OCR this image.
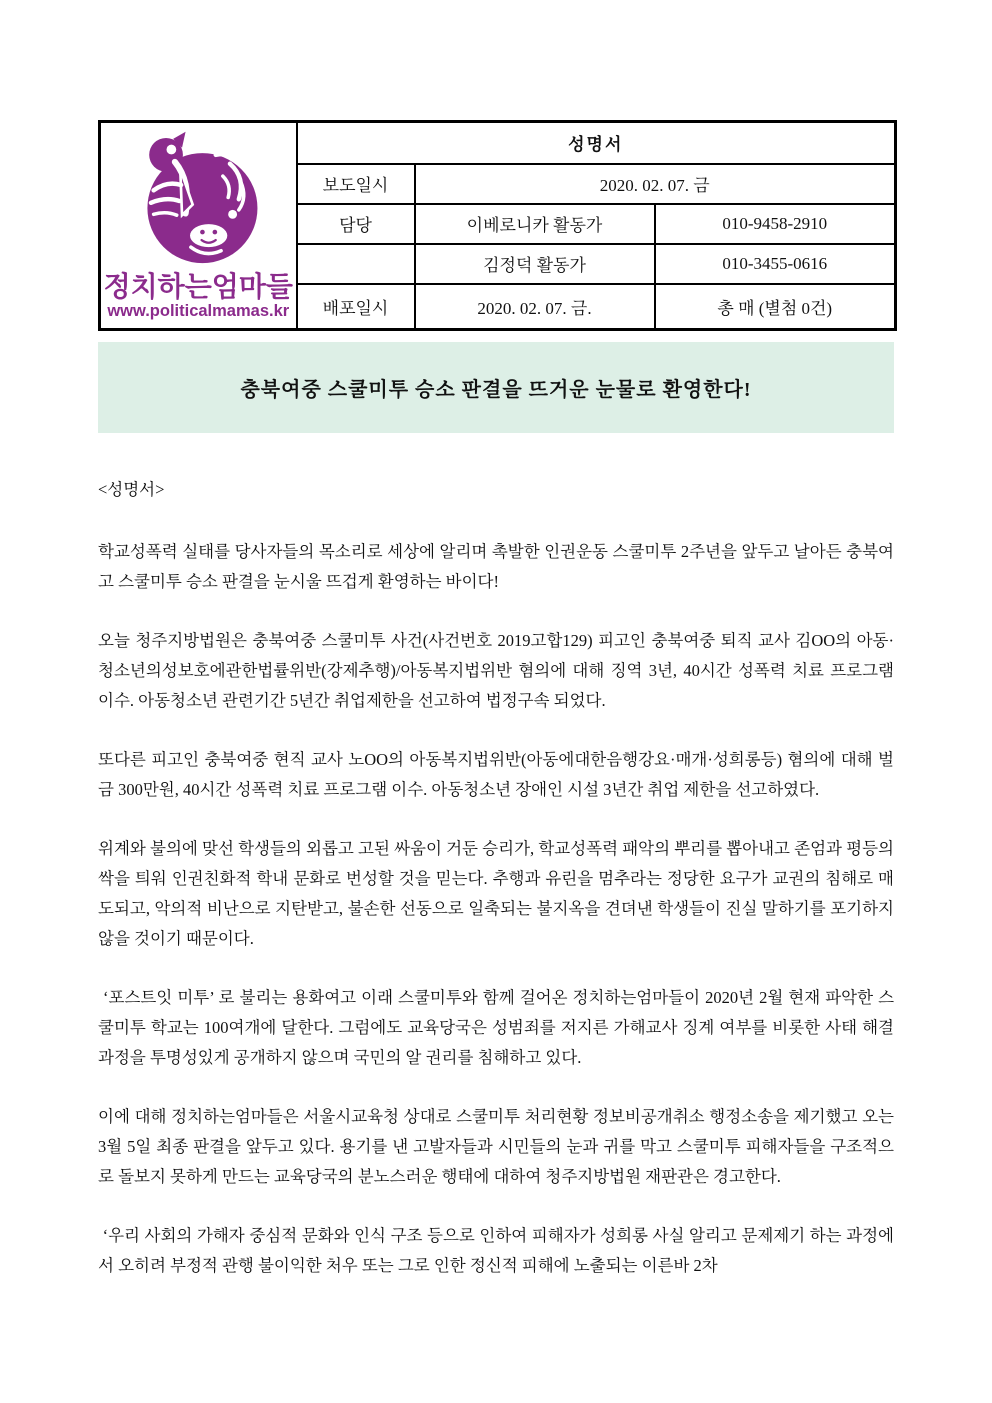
정치하는엄마들
www.politicalmamas.kr	성명서		
	보도일시	2020. 02. 07. 금	
	담당	이베로니카 활동가	010-9458-2910
		김정덕 활동가	010-3455-0616
	배포일시	2020. 02. 07. 금.	총 매 (별첨 0건)
충북여중 스쿨미투 승소 판결을 뜨거운 눈물로 환영한다!

<성명서>

학교성폭력 실태를 당사자들의 목소리로 세상에 알리며 촉발한 인권운동 스쿨미투 2주년을 앞두고 날아든 충북여고 스쿨미투 승소 판결을 눈시울 뜨겁게 환영하는 바이다!

오늘 청주지방법원은 충북여중 스쿨미투 사건(사건번호 2019고합129) 피고인 충북여중 퇴직 교사 김OO의 아동·청소년의성보호에관한법률위반(강제추행)/아동복지법위반 혐의에 대해 징역 3년, 40시간 성폭력 치료 프로그램 이수. 아동청소년 관련기간 5년간 취업제한을 선고하여 법정구속 되었다.

또다른 피고인 충북여중 현직 교사 노OO의 아동복지법위반(아동에대한음행강요·매개·성희롱등) 혐의에 대해 벌금 300만원, 40시간 성폭력 치료 프로그램 이수. 아동청소년 장애인 시설 3년간 취업 제한을 선고하였다.

위계와 불의에 맞선 학생들의 외롭고 고된 싸움이 거둔 승리가, 학교성폭력 패악의 뿌리를 뽑아내고 존엄과 평등의 싹을 틔워 인권친화적 학내 문화로 번성할 것을 믿는다. 추행과 유린을 멈추라는 정당한 요구가 교권의 침해로 매도되고, 악의적 비난으로 지탄받고, 불손한 선동으로 일축되는 불지옥을 견뎌낸 학생들이 진실 말하기를 포기하지 않을 것이기 때문이다.

‘포스트잇 미투’ 로 불리는 용화여고 이래 스쿨미투와 함께 걸어온 정치하는엄마들이 2020년 2월 현재 파악한 스쿨미투 학교는 100여개에 달한다. 그럼에도 교육당국은 성범죄를 저지른 가해교사 징계 여부를 비롯한 사태 해결 과정을 투명성있게 공개하지 않으며 국민의 알 권리를 침해하고 있다.

이에 대해 정치하는엄마들은 서울시교육청 상대로 스쿨미투 처리현황 정보비공개취소 행정소송을 제기했고 오는 3월 5일 최종 판결을 앞두고 있다. 용기를 낸 고발자들과 시민들의 눈과 귀를 막고 스쿨미투 피해자들을 구조적으로 돌보지 못하게 만드는 교육당국의 분노스러운 행태에 대하여 청주지방법원 재판관은 경고한다.

‘우리 사회의 가해자 중심적 문화와 인식 구조 등으로 인하여 피해자가 성희롱 사실 알리고 문제제기 하는 과정에서 오히려 부정적 관행 불이익한 처우 또는 그로 인한 정신적 피해에 노출되는 이른바 2차
